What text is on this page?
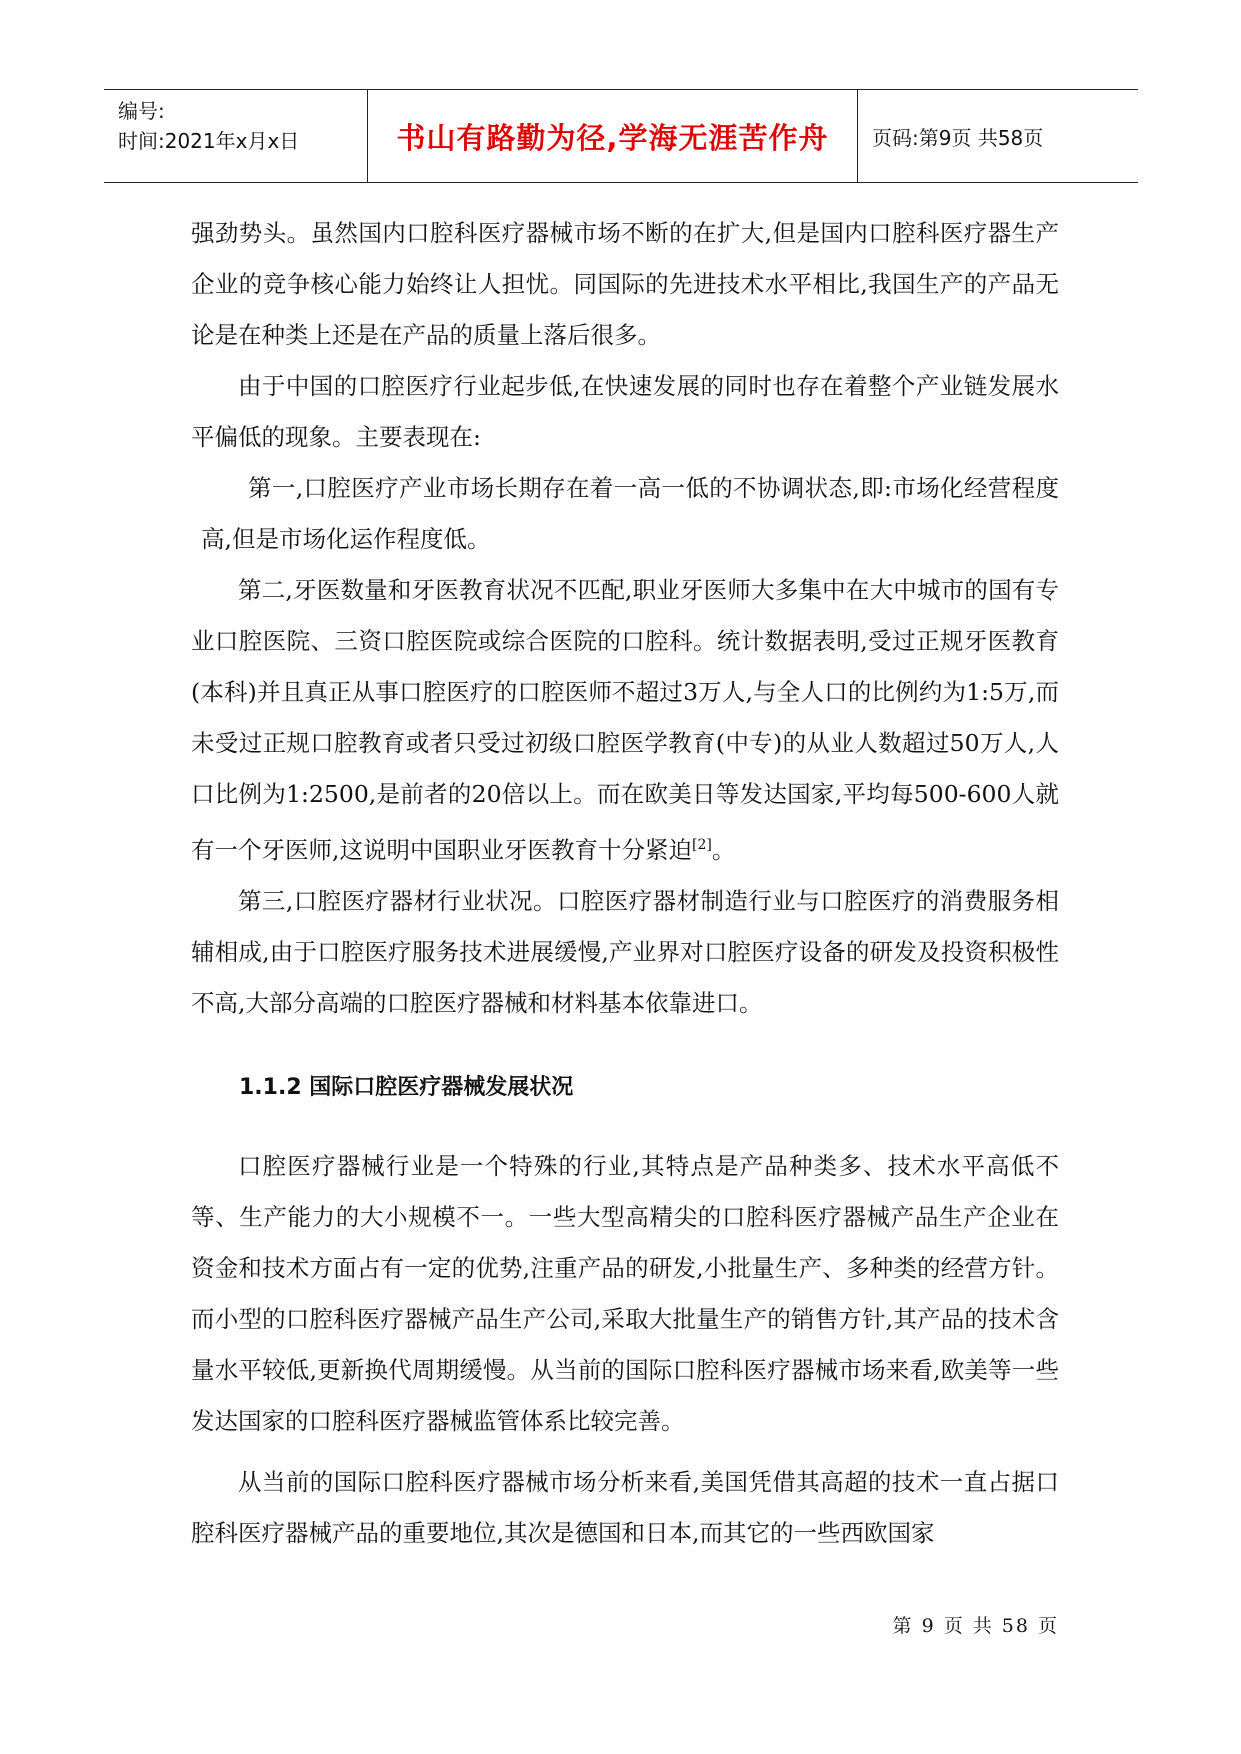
编号:
时间:2021年x月x日	书山有路勤为径,学海无涯苦作舟	页码:第9页 共58页

强劲势头。虽然国内口腔科医疗器械市场不断的在扩大,但是国内口腔科医疗器生产企业的竞争核心能力始终让人担忧。同国际的先进技术水平相比,我国生产的产品无论是在种类上还是在产品的质量上落后很多。

由于中国的口腔医疗行业起步低,在快速发展的同时也存在着整个产业链发展水平偏低的现象。主要表现在:

第一,口腔医疗产业市场长期存在着一高一低的不协调状态,即:市场化经营程度高,但是市场化运作程度低。

第二,牙医数量和牙医教育状况不匹配,职业牙医师大多集中在大中城市的国有专业口腔医院、三资口腔医院或综合医院的口腔科。统计数据表明,受过正规牙医教育(本科)并且真正从事口腔医疗的口腔医师不超过3万人,与全人口的比例约为1:5万,而未受过正规口腔教育或者只受过初级口腔医学教育(中专)的从业人数超过50万人,人口比例为1:2500,是前者的20倍以上。而在欧美日等发达国家,平均每500-600人就有一个牙医师,这说明中国职业牙医教育十分紧迫[2]。

第三,口腔医疗器材行业状况。口腔医疗器材制造行业与口腔医疗的消费服务相辅相成,由于口腔医疗服务技术进展缓慢,产业界对口腔医疗设备的研发及投资积极性不高,大部分高端的口腔医疗器械和材料基本依靠进口。

1.1.2 国际口腔医疗器械发展状况

口腔医疗器械行业是一个特殊的行业,其特点是产品种类多、技术水平高低不等、生产能力的大小规模不一。一些大型高精尖的口腔科医疗器械产品生产企业在资金和技术方面占有一定的优势,注重产品的研发,小批量生产、多种类的经营方针。而小型的口腔科医疗器械产品生产公司,采取大批量生产的销售方针,其产品的技术含量水平较低,更新换代周期缓慢。从当前的国际口腔科医疗器械市场来看,欧美等一些发达国家的口腔科医疗器械监管体系比较完善。

从当前的国际口腔科医疗器械市场分析来看,美国凭借其高超的技术一直占据口腔科医疗器械产品的重要地位,其次是德国和日本,而其它的一些西欧国家

第 9 页 共 58 页
